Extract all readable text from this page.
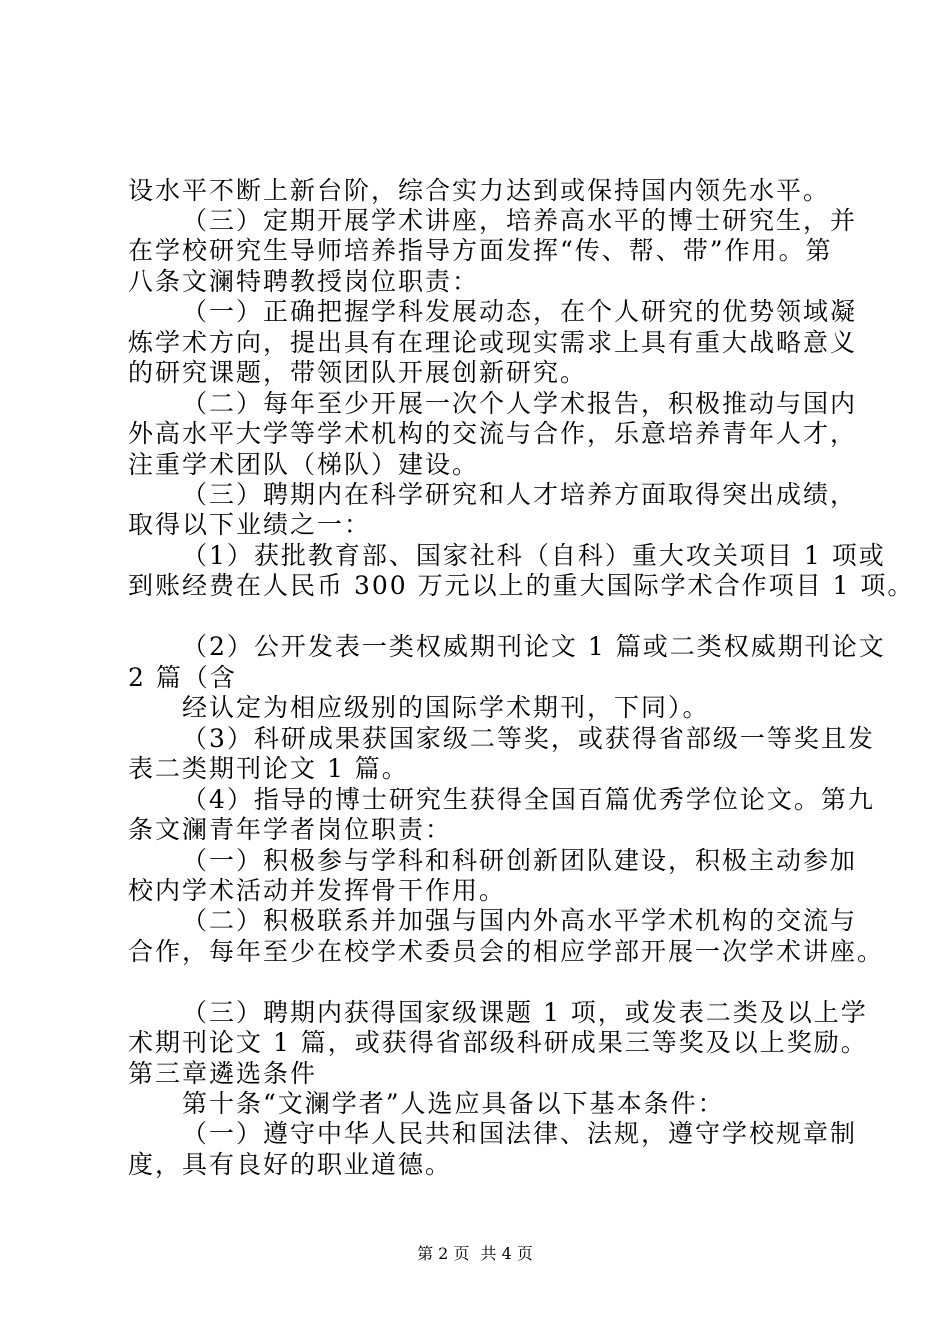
设水平不断上新台阶，综合实力达到或保持国内领先水平。
（三）定期开展学术讲座，培养高水平的博士研究生，并
在学校研究生导师培养指导方面发挥“传、帮、带”作用。第
八条文澜特聘教授岗位职责：
（一）正确把握学科发展动态，在个人研究的优势领域凝
炼学术方向，提出具有在理论或现实需求上具有重大战略意义
的研究课题，带领团队开展创新研究。
（二）每年至少开展一次个人学术报告，积极推动与国内
外高水平大学等学术机构的交流与合作，乐意培养青年人才，
注重学术团队（梯队）建设。
（三）聘期内在科学研究和人才培养方面取得突出成绩，
取得以下业绩之一：
（1）获批教育部、国家社科（自科）重大攻关项目 1 项或
到账经费在人民币 300 万元以上的重大国际学术合作项目 1 项。
（2）公开发表一类权威期刊论文 1 篇或二类权威期刊论文
2 篇（含
经认定为相应级别的国际学术期刊，下同）。
（3）科研成果获国家级二等奖，或获得省部级一等奖且发
表二类期刊论文 1 篇。
（4）指导的博士研究生获得全国百篇优秀学位论文。第九
条文澜青年学者岗位职责：
（一）积极参与学科和科研创新团队建设，积极主动参加
校内学术活动并发挥骨干作用。
（二）积极联系并加强与国内外高水平学术机构的交流与
合作，每年至少在校学术委员会的相应学部开展一次学术讲座。
（三）聘期内获得国家级课题 1 项，或发表二类及以上学
术期刊论文 1 篇，或获得省部级科研成果三等奖及以上奖励。
第三章遴选条件
第十条“文澜学者”人选应具备以下基本条件：
（一）遵守中华人民共和国法律、法规，遵守学校规章制
度，具有良好的职业道德。
第 2 页 共 4 页
